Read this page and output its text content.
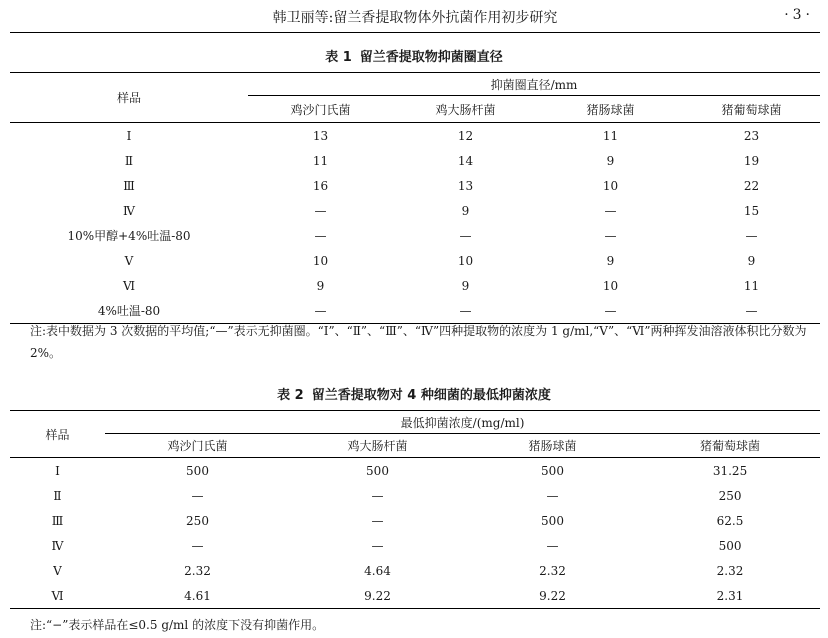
韩卫丽等:留兰香提取物体外抗菌作用初步研究	·3·
表 1 留兰香提取物抑菌圈直径
样品	抑菌圈直径/mm			
	鸡沙门氏菌	鸡大肠杆菌	猪肠球菌	猪葡萄球菌
Ⅰ	13	12	11	23
Ⅱ	11	14	9	19
Ⅲ	16	13	10	22
Ⅳ	—	9	—	15
10%甲醇+4%吐温-80	—	—	—	—
Ⅴ	10	10	9	9
Ⅵ	9	9	10	11
4%吐温-80	—	—	—	—
注:表中数据为 3 次数据的平均值;“—”表示无抑菌圈。“Ⅰ”、“Ⅱ”、“Ⅲ”、“Ⅳ”四种提取物的浓度为 1 g/ml,“Ⅴ”、“Ⅵ”两种挥发油溶液体积比分数为 2%。
表 2 留兰香提取物对 4 种细菌的最低抑菌浓度
样品	最低抑菌浓度/(mg/ml)			
	鸡沙门氏菌	鸡大肠杆菌	猪肠球菌	猪葡萄球菌
Ⅰ	500	500	500	31.25
Ⅱ	—	—	—	250
Ⅲ	250	—	500	62.5
Ⅳ	—	—	—	500
Ⅴ	2.32	4.64	2.32	2.32
Ⅵ	4.61	9.22	9.22	2.31
注:“−”表示样品在≤0.5 g/ml 的浓度下没有抑菌作用。
